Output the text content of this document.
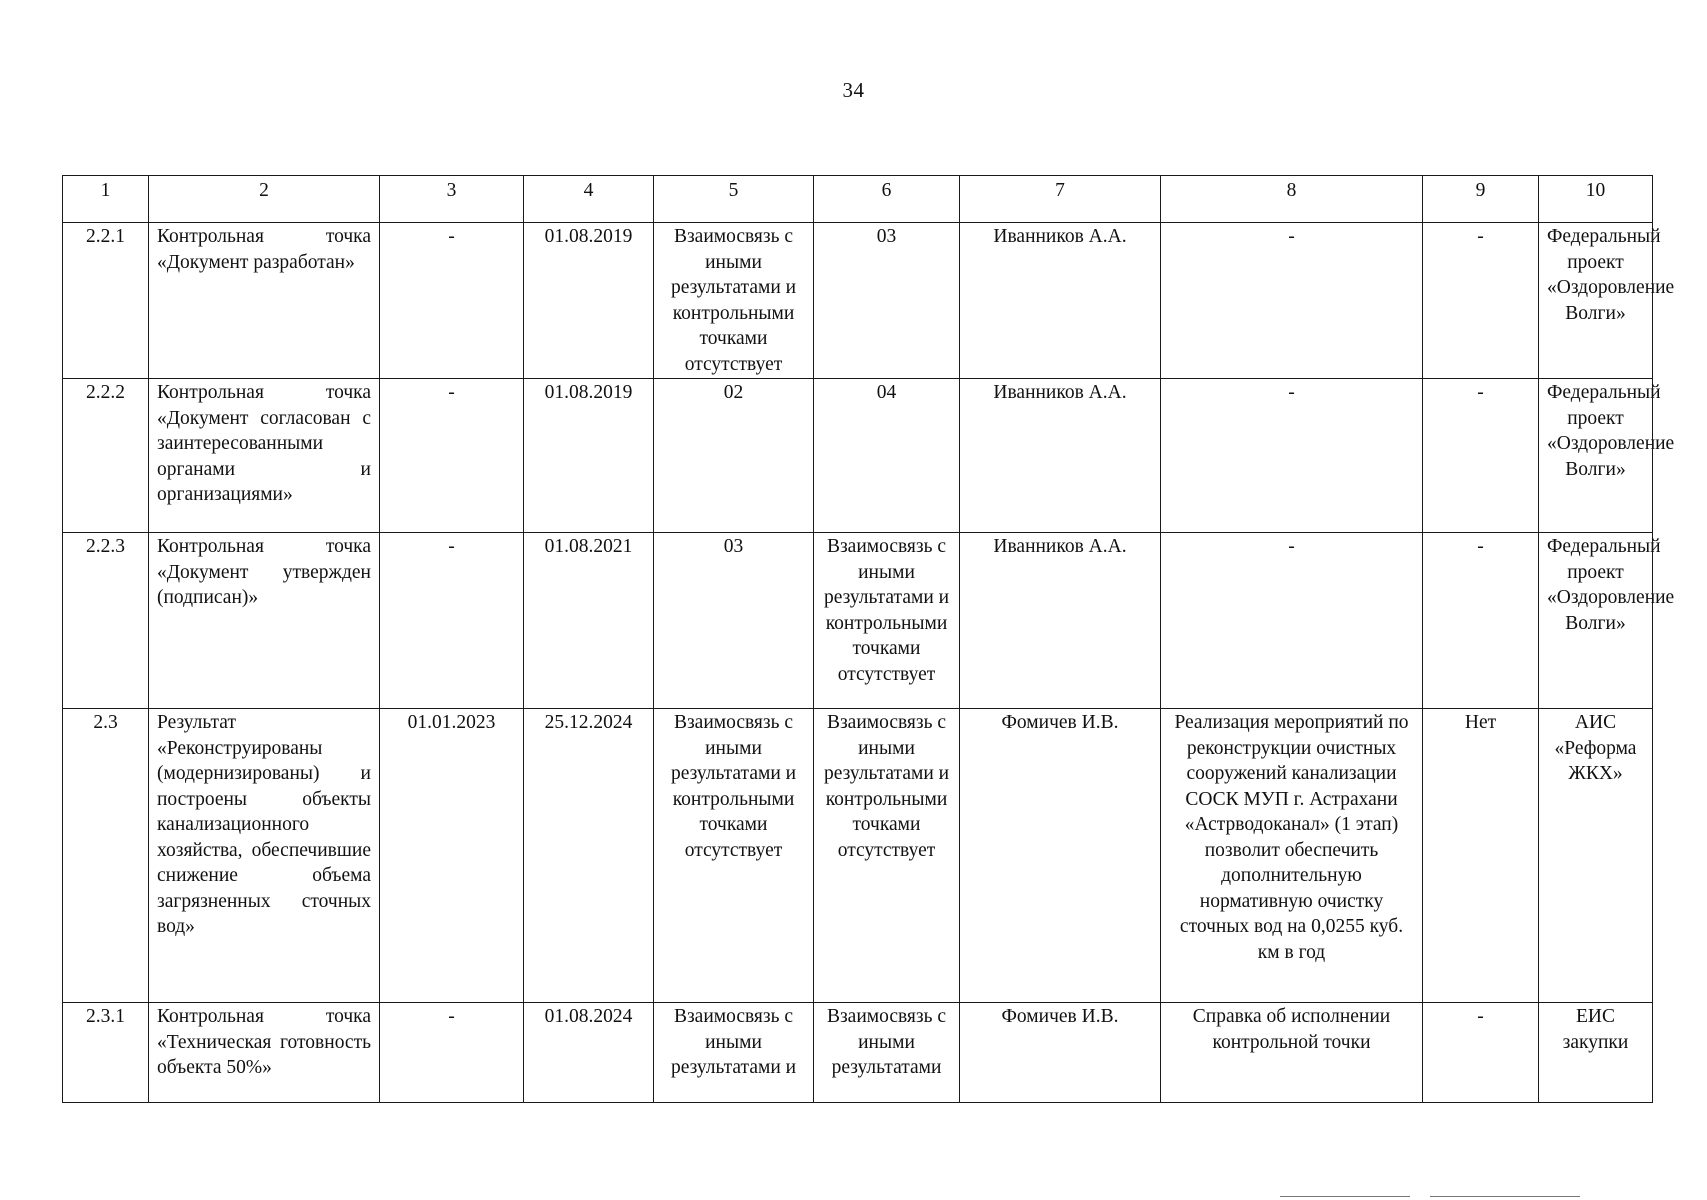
34
1	2	3	4	5	6	7	8	9	10
2.2.1	Контрольная точка «Документ разработан»	-	01.08.2019	Взаимосвязь с иными результатами и контрольными точками отсутствует	03	Иванников А.А.	-	-	Федеральный проект «Оздоровление Волги»
2.2.2	Контрольная точка «Документ согласован с заинтересованными органами и организациями»	-	01.08.2019	02	04	Иванников А.А.	-	-	Федеральный проект «Оздоровление Волги»
2.2.3	Контрольная точка «Документ утвержден (подписан)»	-	01.08.2021	03	Взаимосвязь с иными результатами и контрольными точками отсутствует	Иванников А.А.	-	-	Федеральный проект «Оздоровление Волги»
2.3	Результат «Реконструированы (модернизированы) и построены объекты канализационного хозяйства, обеспечившие снижение объема загрязненных сточных вод»	01.01.2023	25.12.2024	Взаимосвязь с иными результатами и контрольными точками отсутствует	Взаимосвязь с иными результатами и контрольными точками отсутствует	Фомичев И.В.	Реализация мероприятий по реконструкции очистных сооружений канализации СОСК МУП г. Астрахани «Астрводоканал» (1 этап) позволит обеспечить дополнительную нормативную очистку сточных вод на 0,0255 куб. км в год	Нет	АИС «Реформа ЖКХ»
2.3.1	Контрольная точка «Техническая готовность объекта 50%»	-	01.08.2024	Взаимосвязь с иными результатами и	Взаимосвязь с иными результатами	Фомичев И.В.	Справка об исполнении контрольной точки	-	ЕИС закупки
